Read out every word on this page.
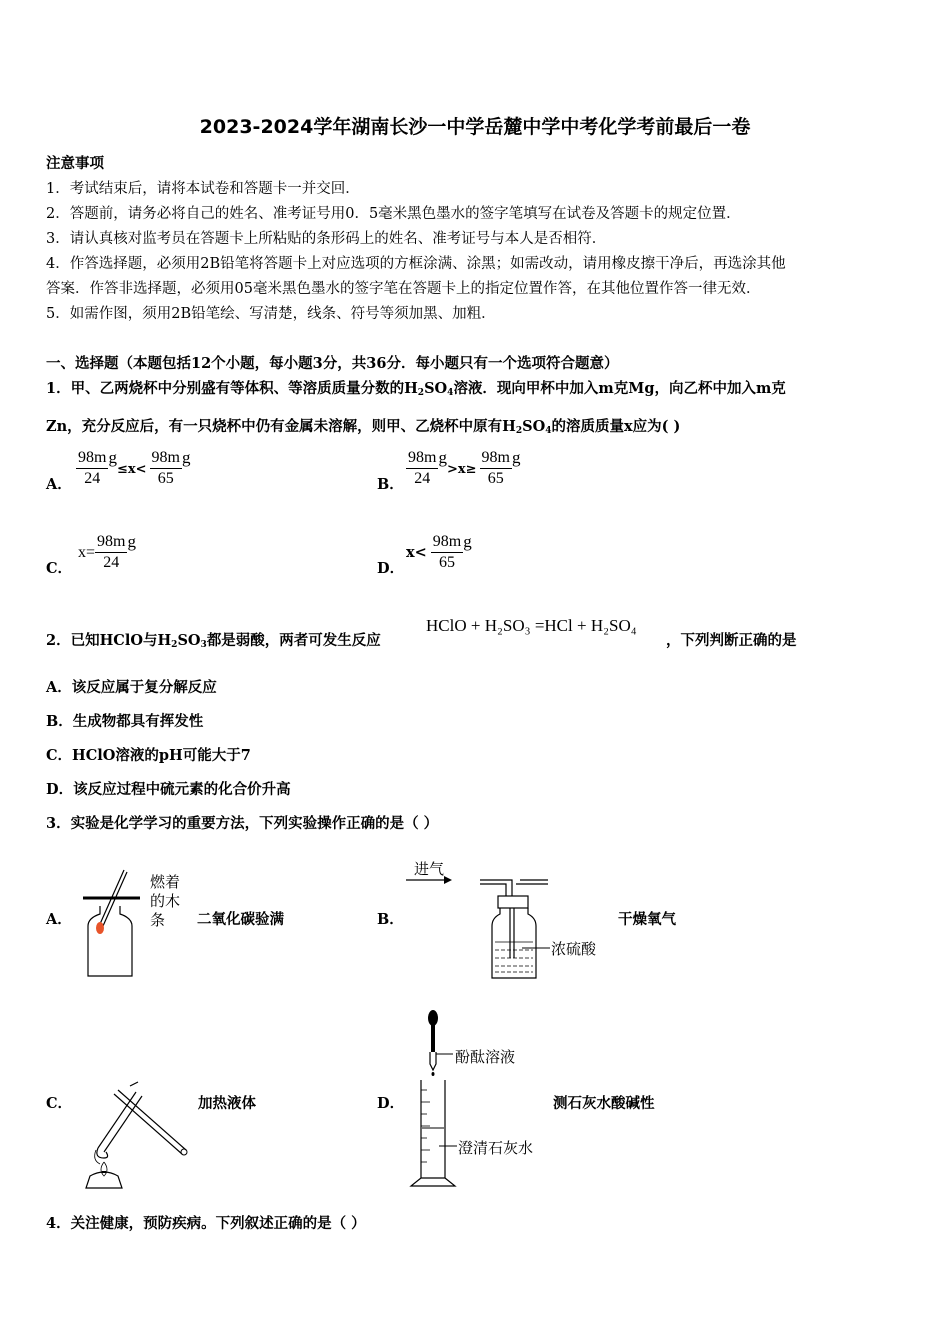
2023-2024学年湖南长沙一中学岳麓中学中考化学考前最后一卷
注意事项
1．考试结束后，请将本试卷和答题卡一并交回．
2．答题前，请务必将自己的姓名、准考证号用0．5毫米黑色墨水的签字笔填写在试卷及答题卡的规定位置．
3．请认真核对监考员在答题卡上所粘贴的条形码上的姓名、准考证号与本人是否相符．
4．作答选择题，必须用2B铅笔将答题卡上对应选项的方框涂满、涂黑；如需改动，请用橡皮擦干净后，再选涂其他
答案．作答非选择题，必须用05毫米黑色墨水的签字笔在答题卡上的指定位置作答，在其他位置作答一律无效．
5．如需作图，须用2B铅笔绘、写清楚，线条、符号等须加黑、加粗．
一、选择题（本题包括12个小题，每小题3分，共36分．每小题只有一个选项符合题意）
1．甲、乙两烧杯中分别盛有等体积、等溶质质量分数的$H_2SO_4$溶液．现向甲杯中加入m克Mg，向乙杯中加入m克
Zn，充分反应后，有一只烧杯中仍有金属未溶解，则甲、乙烧杯中原有$H_2SO_4$的溶质质量x应为( )
A． $\frac{98m}{24} g\le x< \frac{98m}{65}$ g
B． $\frac{98m}{24} g>x\ge \frac{98m}{65}$ g
C．
$x= \frac{98m}{24}$ g
D．
$x< \frac{98m}{65}$ g
2．已知HClO与$H_2SO_3$都是弱酸，两者可发生反应
HClO + H₂SO₃ =HCl + H₂SO₄
，下列判断正确的是
A．该反应属于复分解反应
B．生成物都具有挥发性
C．HClO溶液的pH可能大于7
D．该反应过程中硫元素的化合价升高
3．实验是化学学习的重要方法，下列实验操作正确的是（ ）
A．
燃着
的木
条	二氧化碳验满	B．
进气
浓硫酸
干燥氧气
C．	加热液体	D．
酚酞溶液
澄清石灰水
测石灰水酸碱性
4．关注健康，预防疾病。下列叙述正确的是（ ）
